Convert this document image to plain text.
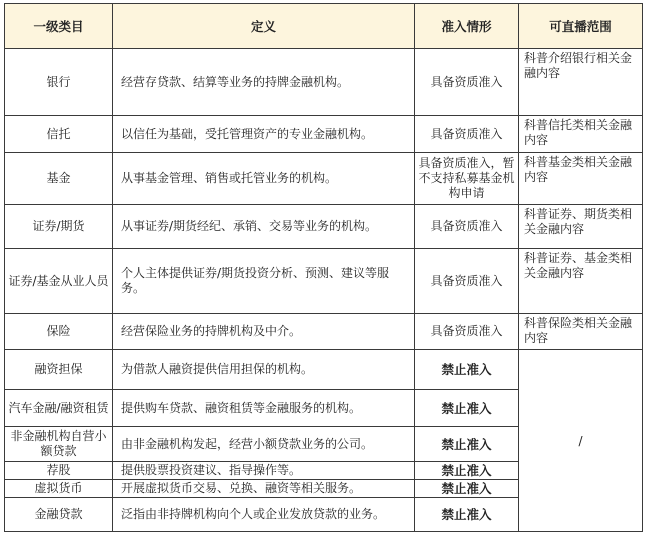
一级类目	定义	准入情形	可直播范围
银行	经营存贷款、结算等业务的持牌金融机构。	具备资质准入	科普介绍银行相关金融内容
信托	以信任为基础，受托管理资产的专业金融机构。	具备资质准入	科普信托类相关金融内容
基金	从事基金管理、销售或托管业务的机构。	具备资质准入，暂不支持私募基金机构申请	科普基金类相关金融内容
证券/期货	从事证券/期货经纪、承销、交易等业务的机构。	具备资质准入	科普证券、期货类相关金融内容
证券/基金从业人员	个人主体提供证券/期货投资分析、预测、建议等服务。	具备资质准入	科普证券、基金类相关金融内容
保险	经营保险业务的持牌机构及中介。	具备资质准入	科普保险类相关金融内容
融资担保	为借款人融资提供信用担保的机构。	禁止准入	/
汽车金融/融资租赁	提供购车贷款、融资租赁等金融服务的机构。	禁止准入	
非金融机构自营小额贷款	由非金融机构发起，经营小额贷款业务的公司。	禁止准入	
荐股	提供股票投资建议、指导操作等。	禁止准入	
虚拟货币	开展虚拟货币交易、兑换、融资等相关服务。	禁止准入	
金融贷款	泛指由非持牌机构向个人或企业发放贷款的业务。	禁止准入	
